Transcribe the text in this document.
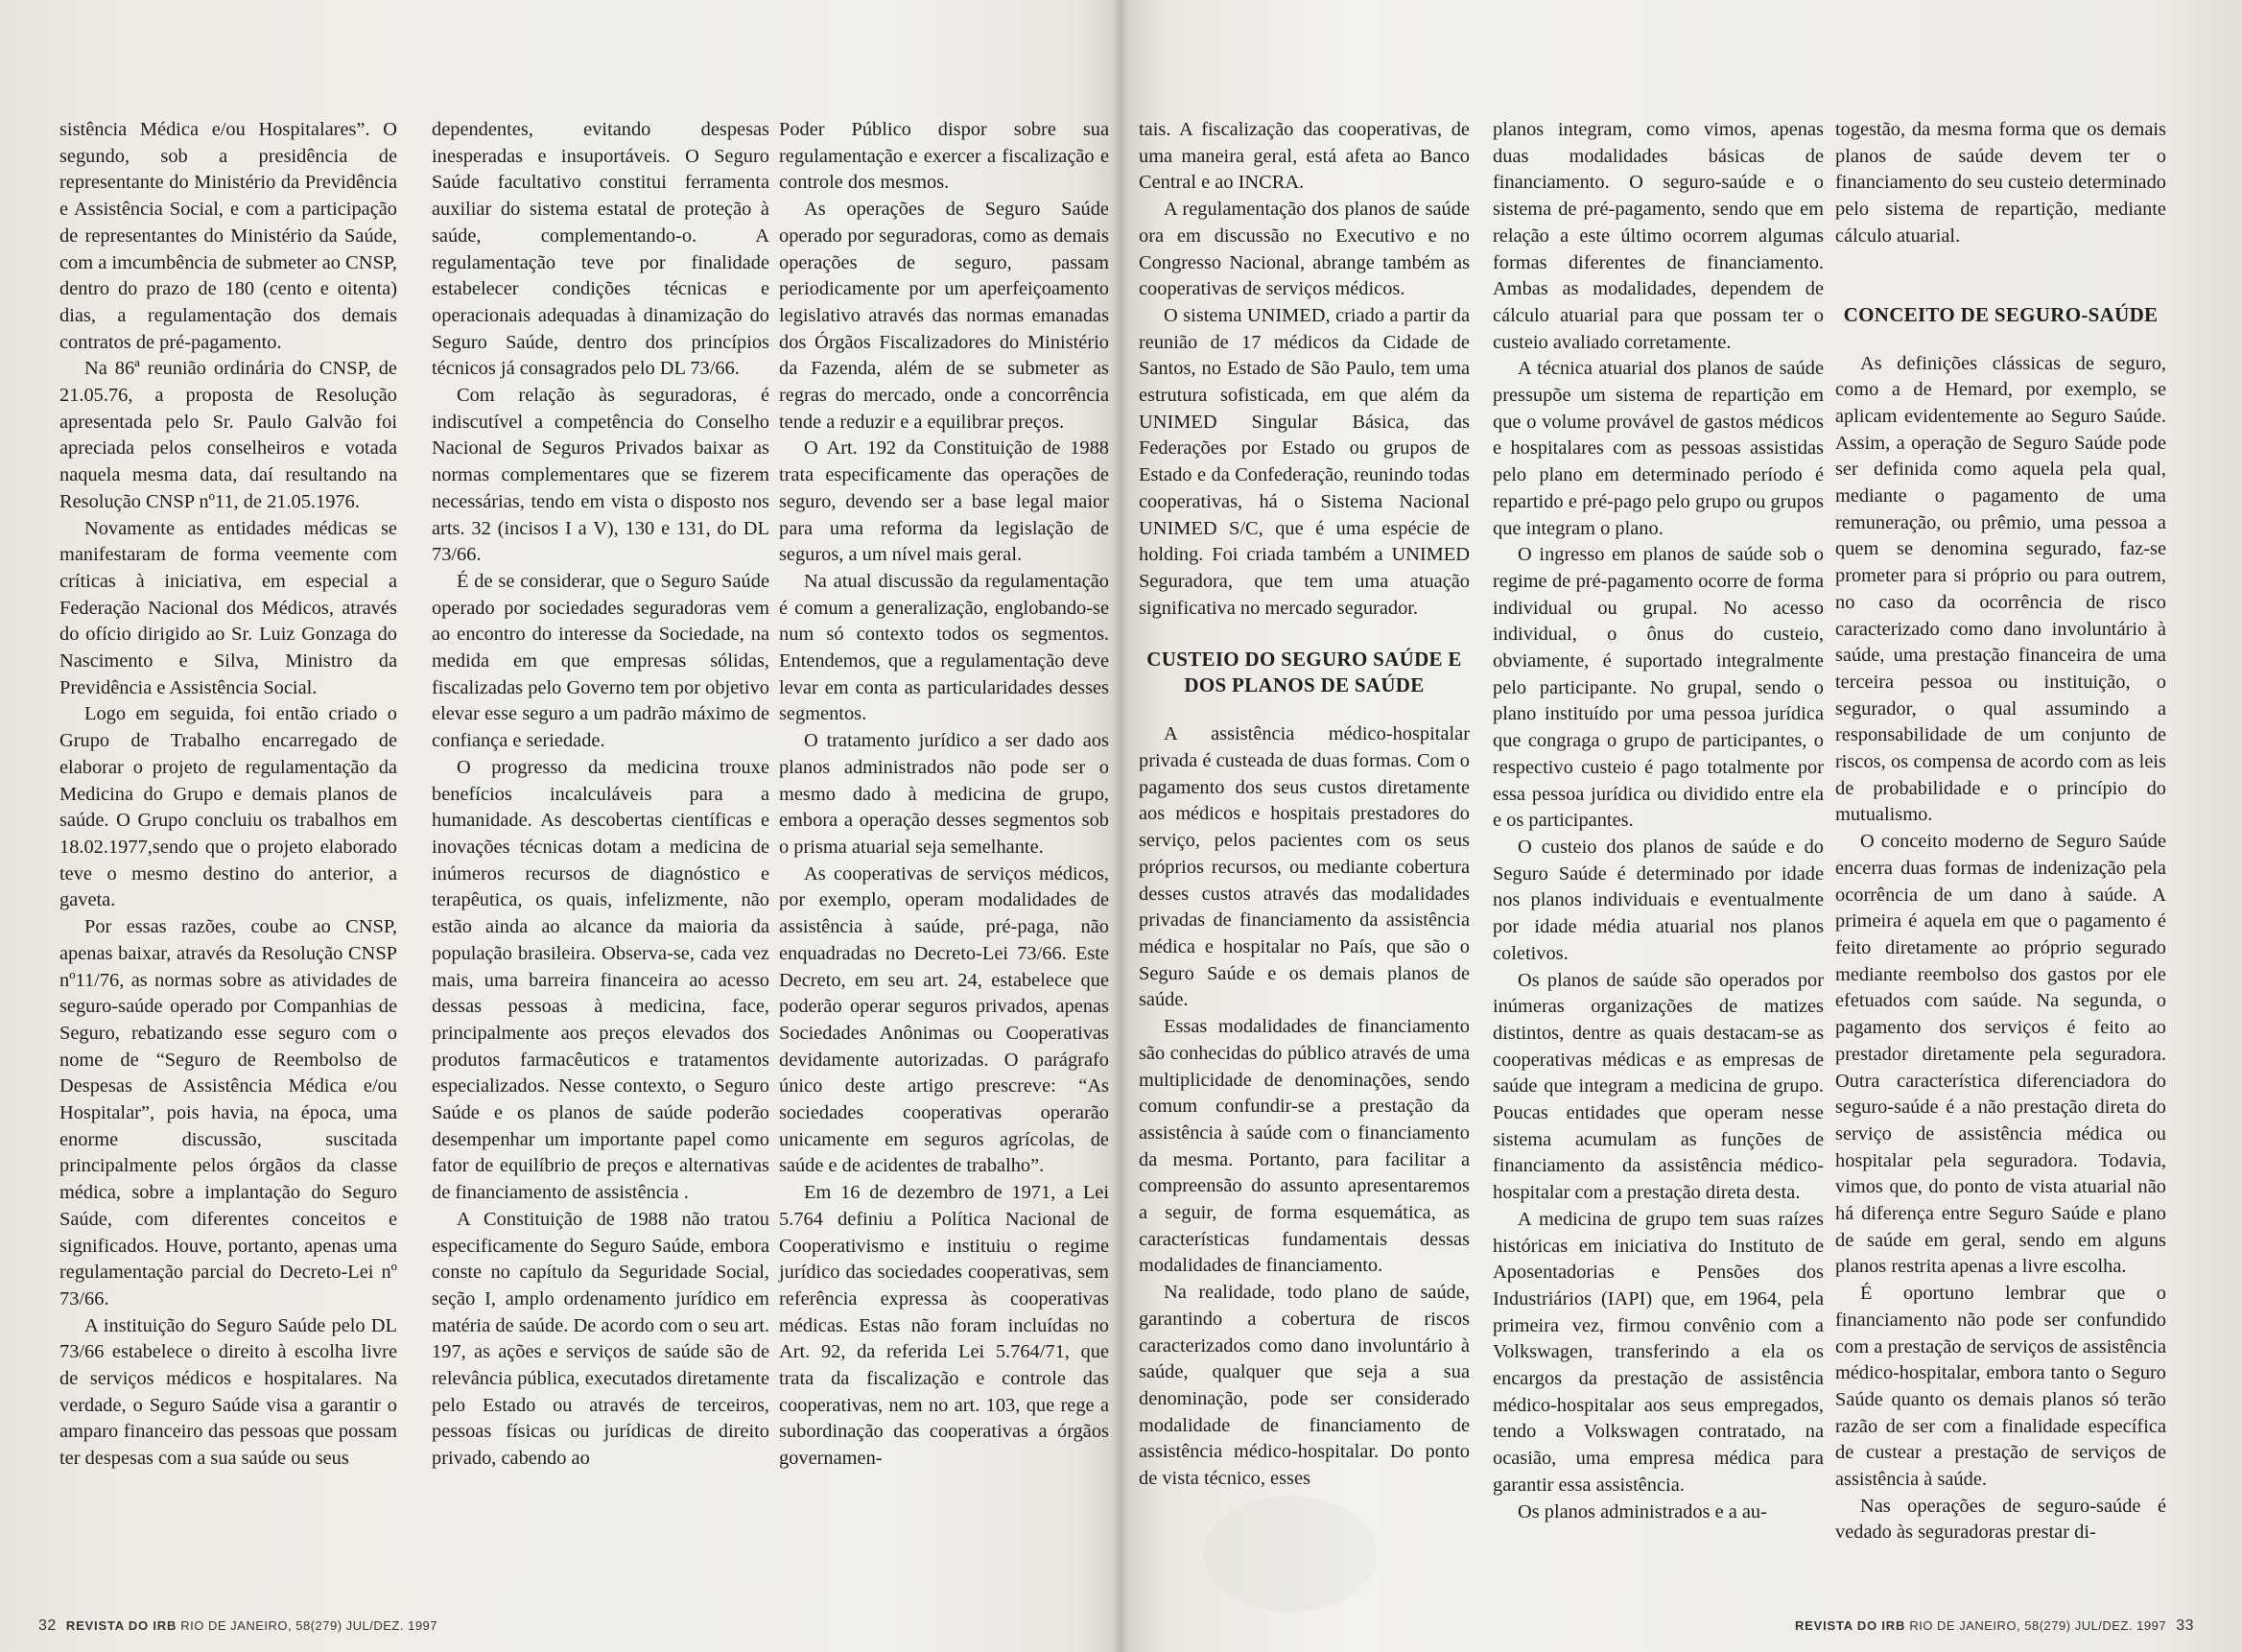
sistência Médica e/ou Hospitalares”. O segundo, sob a presidência de representante do Ministério da Previdência e Assistência Social, e com a participação de representantes do Ministério da Saúde, com a imcumbência de submeter ao CNSP, dentro do prazo de 180 (cento e oitenta) dias, a regulamentação dos demais contratos de pré-pagamento.

Na 86ª reunião ordinária do CNSP, de 21.05.76, a proposta de Resolução apresentada pelo Sr. Paulo Galvão foi apreciada pelos conselheiros e votada naquela mesma data, daí resultando na Resolução CNSP nº11, de 21.05.1976.

Novamente as entidades médicas se manifestaram de forma veemente com críticas à iniciativa, em especial a Federação Nacional dos Médicos, através do ofício dirigido ao Sr. Luiz Gonzaga do Nascimento e Silva, Ministro da Previdência e Assistência Social.

Logo em seguida, foi então criado o Grupo de Trabalho encarregado de elaborar o projeto de regulamentação da Medicina do Grupo e demais planos de saúde. O Grupo concluiu os trabalhos em 18.02.1977,sendo que o projeto elaborado teve o mesmo destino do anterior, a gaveta.

Por essas razões, coube ao CNSP, apenas baixar, através da Resolução CNSP nº11/76, as normas sobre as atividades de seguro-saúde operado por Companhias de Seguro, rebatizando esse seguro com o nome de “Seguro de Reembolso de Despesas de Assistência Médica e/ou Hospitalar”, pois havia, na época, uma enorme discussão, suscitada principalmente pelos órgãos da classe médica, sobre a implantação do Seguro Saúde, com diferentes conceitos e significados. Houve, portanto, apenas uma regulamentação parcial do Decreto-Lei nº 73/66.

A instituição do Seguro Saúde pelo DL 73/66 estabelece o direito à escolha livre de serviços médicos e hospitalares. Na verdade, o Seguro Saúde visa a garantir o amparo financeiro das pessoas que possam ter despesas com a sua saúde ou seus

dependentes, evitando despesas inesperadas e insuportáveis. O Seguro Saúde facultativo constitui ferramenta auxiliar do sistema estatal de proteção à saúde, complementando-o. A regulamentação teve por finalidade estabelecer condições técnicas e operacionais adequadas à dinamização do Seguro Saúde, dentro dos princípios técnicos já consagrados pelo DL 73/66.

Com relação às seguradoras, é indiscutível a competência do Conselho Nacional de Seguros Privados baixar as normas complementares que se fizerem necessárias, tendo em vista o disposto nos arts. 32 (incisos I a V), 130 e 131, do DL 73/66.

É de se considerar, que o Seguro Saúde operado por sociedades seguradoras vem ao encontro do interesse da Sociedade, na medida em que empresas sólidas, fiscalizadas pelo Governo tem por objetivo elevar esse seguro a um padrão máximo de confiança e seriedade.

O progresso da medicina trouxe benefícios incalculáveis para a humanidade. As descobertas científicas e inovações técnicas dotam a medicina de inúmeros recursos de diagnóstico e terapêutica, os quais, infelizmente, não estão ainda ao alcance da maioria da população brasileira. Observa-se, cada vez mais, uma barreira financeira ao acesso dessas pessoas à medicina, face, principalmente aos preços elevados dos produtos farmacêuticos e tratamentos especializados. Nesse contexto, o Seguro Saúde e os planos de saúde poderão desempenhar um importante papel como fator de equilíbrio de preços e alternativas de financiamento de assistência .

A Constituição de 1988 não tratou especificamente do Seguro Saúde, embora conste no capítulo da Seguridade Social, seção I, amplo ordenamento jurídico em matéria de saúde. De acordo com o seu art. 197, as ações e serviços de saúde são de relevância pública, executados diretamente pelo Estado ou através de terceiros, pessoas físicas ou jurídicas de direito privado, cabendo ao

Poder Público dispor sobre sua regulamentação e exercer a fiscalização e controle dos mesmos.

As operações de Seguro Saúde operado por seguradoras, como as demais operações de seguro, passam periodicamente por um aperfeiçoamento legislativo através das normas emanadas dos Órgãos Fiscalizadores do Ministério da Fazenda, além de se submeter as regras do mercado, onde a concorrência tende a reduzir e a equilibrar preços.

O Art. 192 da Constituição de 1988 trata especificamente das operações de seguro, devendo ser a base legal maior para uma reforma da legislação de seguros, a um nível mais geral.

Na atual discussão da regulamentação é comum a generalização, englobando-se num só contexto todos os segmentos. Entendemos, que a regulamentação deve levar em conta as particularidades desses segmentos.

O tratamento jurídico a ser dado aos planos administrados não pode ser o mesmo dado à medicina de grupo, embora a operação desses segmentos sob o prisma atuarial seja semelhante.

As cooperativas de serviços médicos, por exemplo, operam modalidades de assistência à saúde, pré-paga, não enquadradas no Decreto-Lei 73/66. Este Decreto, em seu art. 24, estabelece que poderão operar seguros privados, apenas Sociedades Anônimas ou Cooperativas devidamente autorizadas. O parágrafo único deste artigo prescreve: “As sociedades cooperativas operarão unicamente em seguros agrícolas, de saúde e de acidentes de trabalho”.

Em 16 de dezembro de 1971, a Lei 5.764 definiu a Política Nacional de Cooperativismo e instituiu o regime jurídico das sociedades cooperativas, sem referência expressa às cooperativas médicas. Estas não foram incluídas no Art. 92, da referida Lei 5.764/71, que trata da fiscalização e controle das cooperativas, nem no art. 103, que rege a subordinação das cooperativas a órgãos governamen-

32 REVISTA DO IRB RIO DE JANEIRO, 58(279) JUL/DEZ. 1997

tais. A fiscalização das cooperativas, de uma maneira geral, está afeta ao Banco Central e ao INCRA.

A regulamentação dos planos de saúde ora em discussão no Executivo e no Congresso Nacional, abrange também as cooperativas de serviços médicos.

O sistema UNIMED, criado a partir da reunião de 17 médicos da Cidade de Santos, no Estado de São Paulo, tem uma estrutura sofisticada, em que além da UNIMED Singular Básica, das Federações por Estado ou grupos de Estado e da Confederação, reunindo todas cooperativas, há o Sistema Nacional UNIMED S/C, que é uma espécie de holding. Foi criada também a UNIMED Seguradora, que tem uma atuação significativa no mercado segurador.

CUSTEIO DO SEGURO SAÚDE E DOS PLANOS DE SAÚDE

A assistência médico-hospitalar privada é custeada de duas formas. Com o pagamento dos seus custos diretamente aos médicos e hospitais prestadores do serviço, pelos pacientes com os seus próprios recursos, ou mediante cobertura desses custos através das modalidades privadas de financiamento da assistência médica e hospitalar no País, que são o Seguro Saúde e os demais planos de saúde.

Essas modalidades de financiamento são conhecidas do público através de uma multiplicidade de denominações, sendo comum confundir-se a prestação da assistência à saúde com o financiamento da mesma. Portanto, para facilitar a compreensão do assunto apresentaremos a seguir, de forma esquemática, as características fundamentais dessas modalidades de financiamento.

Na realidade, todo plano de saúde, garantindo a cobertura de riscos caracterizados como dano involuntário à saúde, qualquer que seja a sua denominação, pode ser considerado modalidade de financiamento de assistência médico-hospitalar. Do ponto de vista técnico, esses

planos integram, como vimos, apenas duas modalidades básicas de financiamento. O seguro-saúde e o sistema de pré-pagamento, sendo que em relação a este último ocorrem algumas formas diferentes de financiamento. Ambas as modalidades, dependem de cálculo atuarial para que possam ter o custeio avaliado corretamente.

A técnica atuarial dos planos de saúde pressupõe um sistema de repartição em que o volume provável de gastos médicos e hospitalares com as pessoas assistidas pelo plano em determinado período é repartido e pré-pago pelo grupo ou grupos que integram o plano.

O ingresso em planos de saúde sob o regime de pré-pagamento ocorre de forma individual ou grupal. No acesso individual, o ônus do custeio, obviamente, é suportado integralmente pelo participante. No grupal, sendo o plano instituído por uma pessoa jurídica que congraga o grupo de participantes, o respectivo custeio é pago totalmente por essa pessoa jurídica ou dividido entre ela e os participantes.

O custeio dos planos de saúde e do Seguro Saúde é determinado por idade nos planos individuais e eventualmente por idade média atuarial nos planos coletivos.

Os planos de saúde são operados por inúmeras organizações de matizes distintos, dentre as quais destacam-se as cooperativas médicas e as empresas de saúde que integram a medicina de grupo. Poucas entidades que operam nesse sistema acumulam as funções de financiamento da assistência médico-hospitalar com a prestação direta desta.

A medicina de grupo tem suas raízes históricas em iniciativa do Instituto de Aposentadorias e Pensões dos Industriários (IAPI) que, em 1964, pela primeira vez, firmou convênio com a Volkswagen, transferindo a ela os encargos da prestação de assistência médico-hospitalar aos seus empregados, tendo a Volkswagen contratado, na ocasião, uma empresa médica para garantir essa assistência.

Os planos administrados e a au-

togestão, da mesma forma que os demais planos de saúde devem ter o financiamento do seu custeio determinado pelo sistema de repartição, mediante cálculo atuarial.

CONCEITO DE SEGURO-SAÚDE

As definições clássicas de seguro, como a de Hemard, por exemplo, se aplicam evidentemente ao Seguro Saúde. Assim, a operação de Seguro Saúde pode ser definida como aquela pela qual, mediante o pagamento de uma remuneração, ou prêmio, uma pessoa a quem se denomina segurado, faz-se prometer para si próprio ou para outrem, no caso da ocorrência de risco caracterizado como dano involuntário à saúde, uma prestação financeira de uma terceira pessoa ou instituição, o segurador, o qual assumindo a responsabilidade de um conjunto de riscos, os compensa de acordo com as leis de probabilidade e o princípio do mutualismo.

O conceito moderno de Seguro Saúde encerra duas formas de indenização pela ocorrência de um dano à saúde. A primeira é aquela em que o pagamento é feito diretamente ao próprio segurado mediante reembolso dos gastos por ele efetuados com saúde. Na segunda, o pagamento dos serviços é feito ao prestador diretamente pela seguradora. Outra característica diferenciadora do seguro-saúde é a não prestação direta do serviço de assistência médica ou hospitalar pela seguradora. Todavia, vimos que, do ponto de vista atuarial não há diferença entre Seguro Saúde e plano de saúde em geral, sendo em alguns planos restrita apenas a livre escolha.

É oportuno lembrar que o financiamento não pode ser confundido com a prestação de serviços de assistência médico-hospitalar, embora tanto o Seguro Saúde quanto os demais planos só terão razão de ser com a finalidade específica de custear a prestação de serviços de assistência à saúde.

Nas operações de seguro-saúde é vedado às seguradoras prestar di-

REVISTA DO IRB RIO DE JANEIRO, 58(279) JUL/DEZ. 1997 33
